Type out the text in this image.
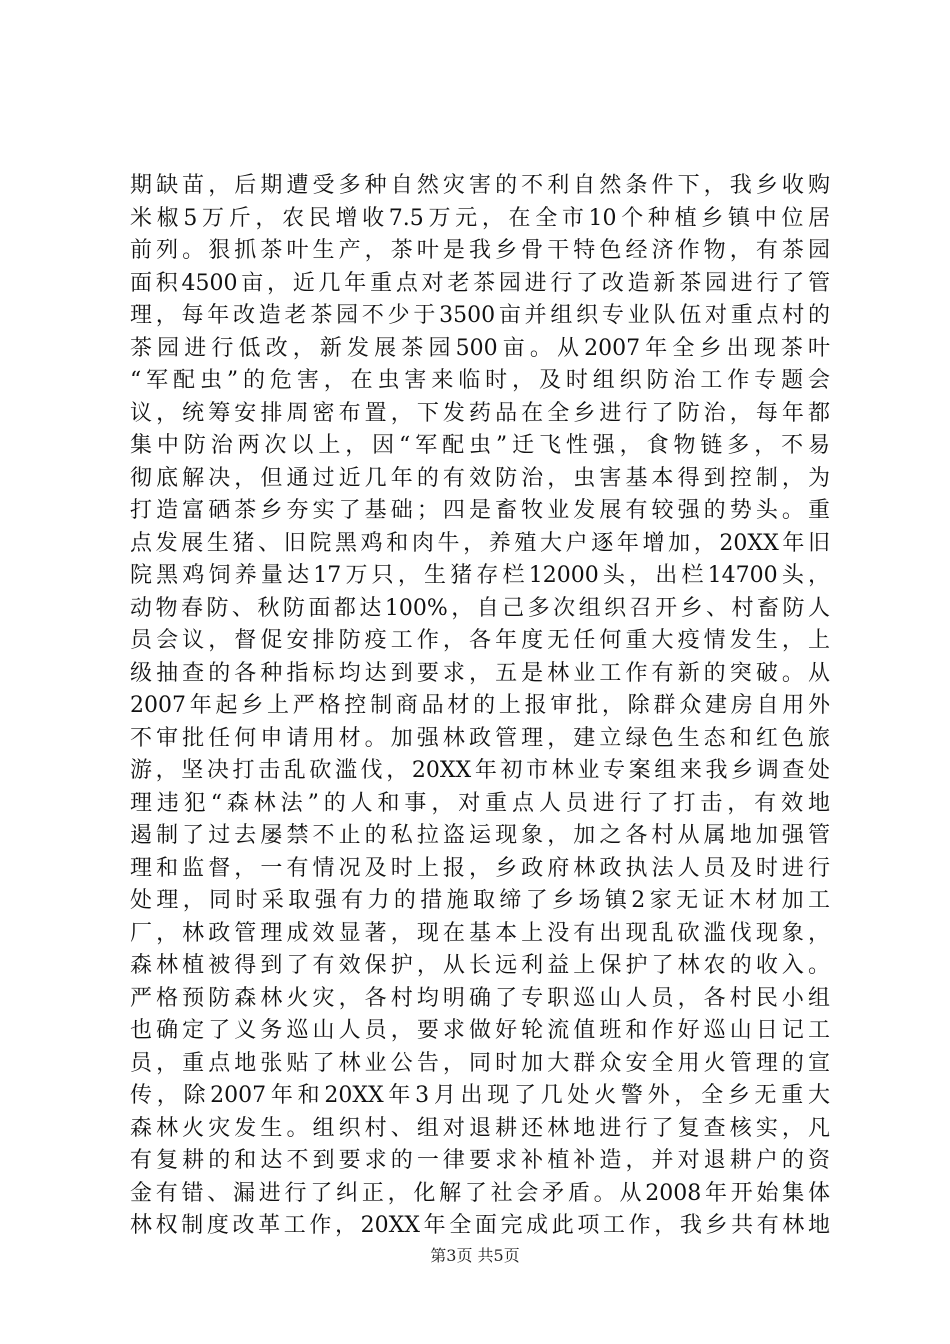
期缺苗，后期遭受多种自然灾害的不利自然条件下，我乡收购
米椒5万斤，农民增收7.5万元，在全市10个种植乡镇中位居
前列。狠抓茶叶生产，茶叶是我乡骨干特色经济作物，有茶园
面积4500亩，近几年重点对老茶园进行了改造新茶园进行了管
理，每年改造老茶园不少于3500亩并组织专业队伍对重点村的
茶园进行低改，新发展茶园500亩。从2007年全乡出现茶叶
“军配虫”的危害，在虫害来临时，及时组织防治工作专题会
议，统筹安排周密布置，下发药品在全乡进行了防治，每年都
集中防治两次以上，因“军配虫”迁飞性强，食物链多，不易
彻底解决，但通过近几年的有效防治，虫害基本得到控制，为
打造富硒茶乡夯实了基础；四是畜牧业发展有较强的势头。重
点发展生猪、旧院黑鸡和肉牛，养殖大户逐年增加，20XX年旧
院黑鸡饲养量达17万只，生猪存栏12000头，出栏14700头，
动物春防、秋防面都达100%，自己多次组织召开乡、村畜防人
员会议，督促安排防疫工作，各年度无任何重大疫情发生，上
级抽查的各种指标均达到要求，五是林业工作有新的突破。从
2007年起乡上严格控制商品材的上报审批，除群众建房自用外
不审批任何申请用材。加强林政管理，建立绿色生态和红色旅
游，坚决打击乱砍滥伐，20XX年初市林业专案组来我乡调查处
理违犯“森林法”的人和事，对重点人员进行了打击，有效地
遏制了过去屡禁不止的私拉盗运现象，加之各村从属地加强管
理和监督，一有情况及时上报，乡政府林政执法人员及时进行
处理，同时采取强有力的措施取缔了乡场镇2家无证木材加工
厂，林政管理成效显著，现在基本上没有出现乱砍滥伐现象，
森林植被得到了有效保护，从长远利益上保护了林农的收入。
严格预防森林火灾，各村均明确了专职巡山人员，各村民小组
也确定了义务巡山人员，要求做好轮流值班和作好巡山日记工
员，重点地张贴了林业公告，同时加大群众安全用火管理的宣
传，除2007年和20XX年3月出现了几处火警外，全乡无重大
森林火灾发生。组织村、组对退耕还林地进行了复查核实，凡
有复耕的和达不到要求的一律要求补植补造，并对退耕户的资
金有错、漏进行了纠正，化解了社会矛盾。从2008年开始集体
林权制度改革工作，20XX年全面完成此项工作，我乡共有林地
第3页 共5页
